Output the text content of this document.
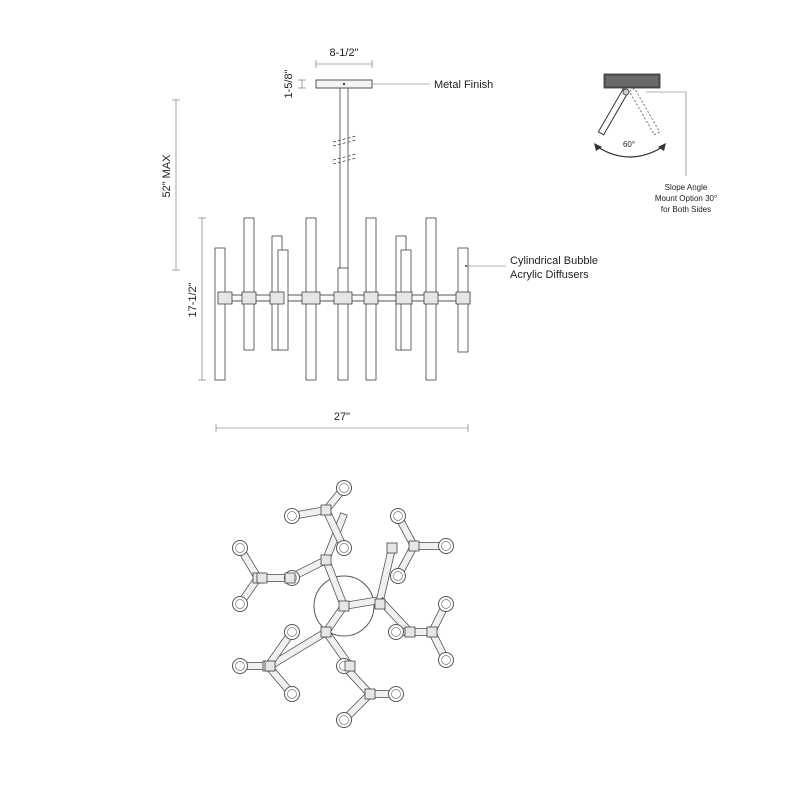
8-1/2"
1-5/8"	Metal Finish
52" MAX
17-1/2"
Cylindrical Bubble
Acrylic Diffusers
27"
60°
Slope Angle
Mount Option 30°
for Both Sides
